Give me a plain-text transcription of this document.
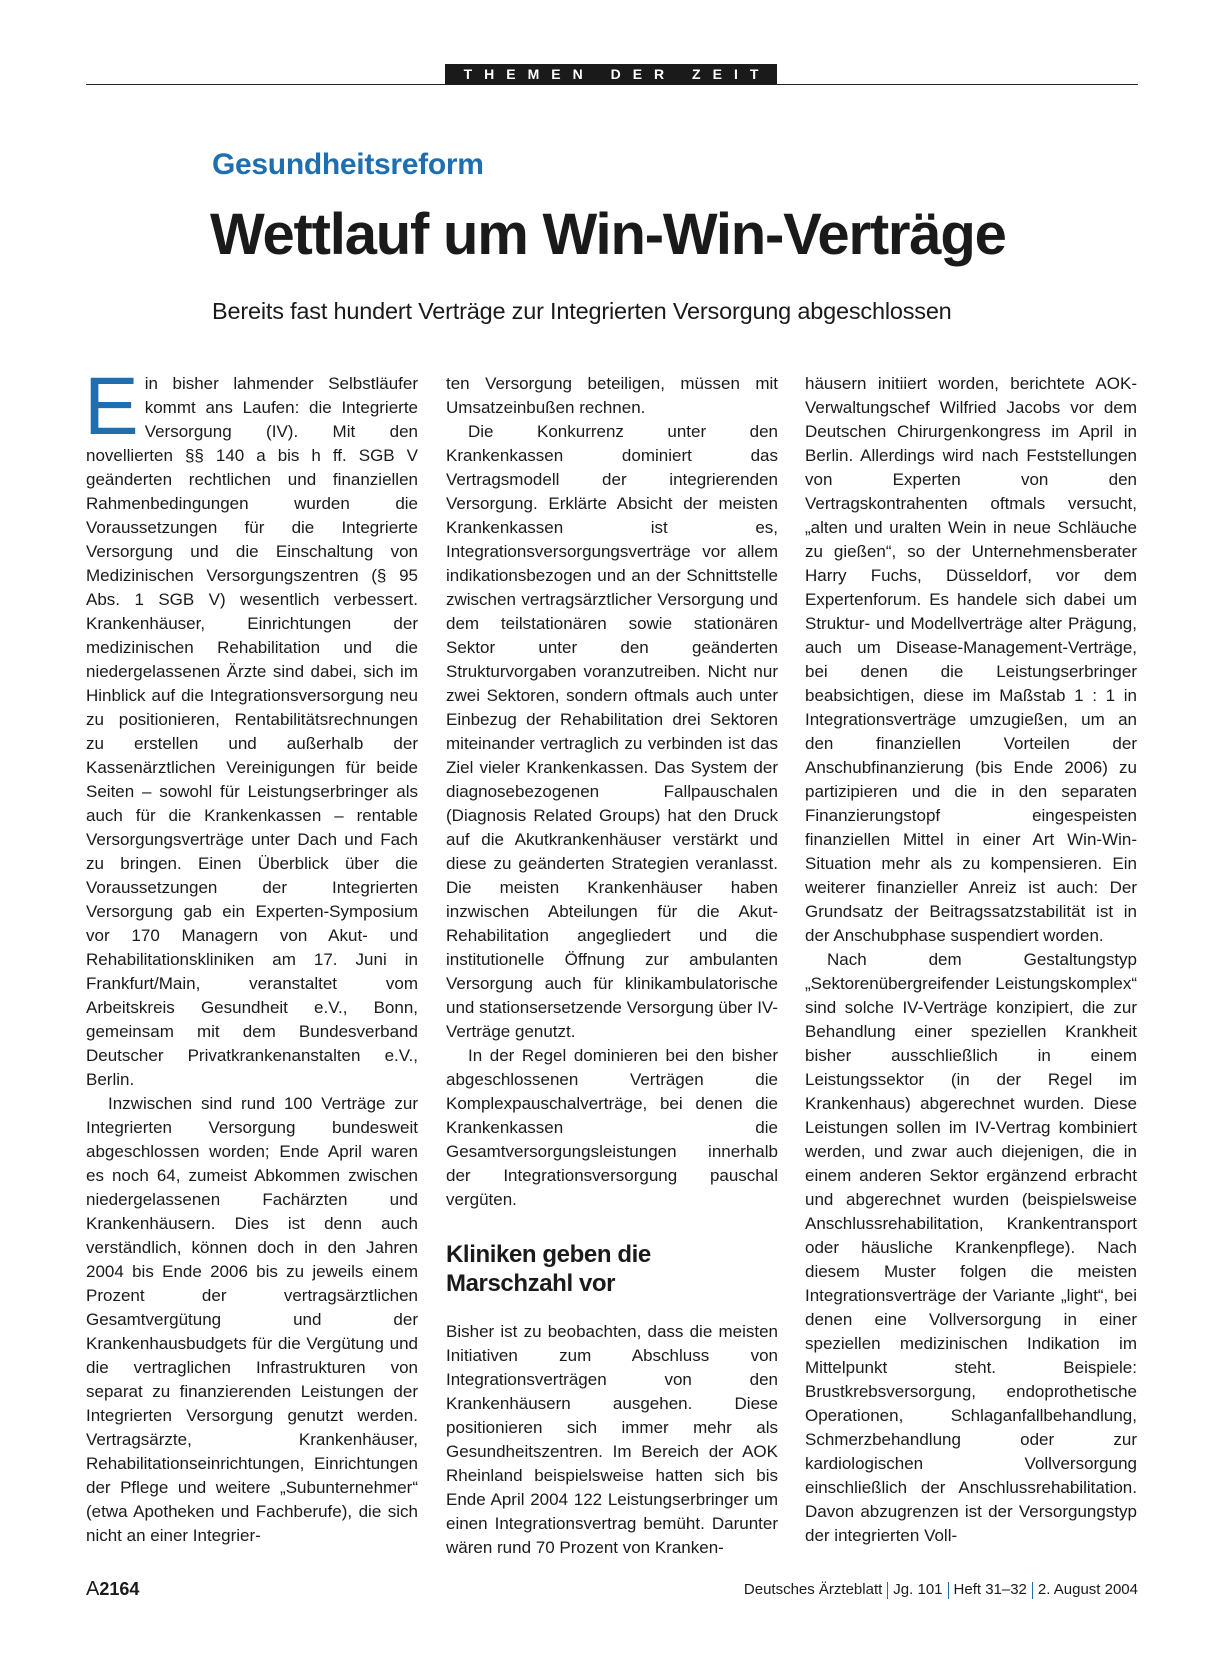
THEMEN DER ZEIT
Gesundheitsreform
Wettlauf um Win-Win-Verträge
Bereits fast hundert Verträge zur Integrierten Versorgung abgeschlossen

Ein bisher lahmender Selbstläufer kommt ans Laufen: die Integrierte Versorgung (IV). Mit den novellierten §§ 140 a bis h ff. SGB V geänderten rechtlichen und finanziellen Rahmenbedingungen wurden die Voraussetzungen für die Integrierte Versorgung und die Einschaltung von Medizinischen Versorgungszentren (§ 95 Abs. 1 SGB V) wesentlich verbessert. Krankenhäuser, Einrichtungen der medizinischen Rehabilitation und die niedergelassenen Ärzte sind dabei, sich im Hinblick auf die Integrationsversorgung neu zu positionieren, Rentabilitätsrechnungen zu erstellen und außerhalb der Kassenärztlichen Vereinigungen für beide Seiten – sowohl für Leistungserbringer als auch für die Krankenkassen – rentable Versorgungsverträge unter Dach und Fach zu bringen. Einen Überblick über die Voraussetzungen der Integrierten Versorgung gab ein Experten-Symposium vor 170 Managern von Akut- und Rehabilitationskliniken am 17. Juni in Frankfurt/Main, veranstaltet vom Arbeitskreis Gesundheit e.V., Bonn, gemeinsam mit dem Bundesverband Deutscher Privatkrankenanstalten e.V., Berlin.

Inzwischen sind rund 100 Verträge zur Integrierten Versorgung bundesweit abgeschlossen worden; Ende April waren es noch 64, zumeist Abkommen zwischen niedergelassenen Fachärzten und Krankenhäusern. Dies ist denn auch verständlich, können doch in den Jahren 2004 bis Ende 2006 bis zu jeweils einem Prozent der vertragsärztlichen Gesamtvergütung und der Krankenhausbudgets für die Vergütung und die vertraglichen Infrastrukturen von separat zu finanzierenden Leistungen der Integrierten Versorgung genutzt werden. Vertragsärzte, Krankenhäuser, Rehabilitationseinrichtungen, Einrichtungen der Pflege und weitere „Subunternehmer“ (etwa Apotheken und Fachberufe), die sich nicht an einer Integrier-

ten Versorgung beteiligen, müssen mit Umsatzeinbußen rechnen.

Die Konkurrenz unter den Krankenkassen dominiert das Vertragsmodell der integrierenden Versorgung. Erklärte Absicht der meisten Krankenkassen ist es, Integrationsversorgungsverträge vor allem indikationsbezogen und an der Schnittstelle zwischen vertragsärztlicher Versorgung und dem teilstationären sowie stationären Sektor unter den geänderten Strukturvorgaben voranzutreiben. Nicht nur zwei Sektoren, sondern oftmals auch unter Einbezug der Rehabilitation drei Sektoren miteinander vertraglich zu verbinden ist das Ziel vieler Krankenkassen. Das System der diagnosebezogenen Fallpauschalen (Diagnosis Related Groups) hat den Druck auf die Akutkrankenhäuser verstärkt und diese zu geänderten Strategien veranlasst. Die meisten Krankenhäuser haben inzwischen Abteilungen für die Akut-Rehabilitation angegliedert und die institutionelle Öffnung zur ambulanten Versorgung auch für klinikambulatorische und stationsersetzende Versorgung über IV-Verträge genutzt.

In der Regel dominieren bei den bisher abgeschlossenen Verträgen die Komplexpauschalverträge, bei denen die Krankenkassen die Gesamtversorgungsleistungen innerhalb der Integrationsversorgung pauschal vergüten.

Kliniken geben die Marschzahl vor

Bisher ist zu beobachten, dass die meisten Initiativen zum Abschluss von Integrationsverträgen von den Krankenhäusern ausgehen. Diese positionieren sich immer mehr als Gesundheitszentren. Im Bereich der AOK Rheinland beispielsweise hatten sich bis Ende April 2004 122 Leistungserbringer um einen Integrationsvertrag bemüht. Darunter wären rund 70 Prozent von Kranken-

häusern initiiert worden, berichtete AOK-Verwaltungschef Wilfried Jacobs vor dem Deutschen Chirurgenkongress im April in Berlin. Allerdings wird nach Feststellungen von Experten von den Vertragskontrahenten oftmals versucht, „alten und uralten Wein in neue Schläuche zu gießen“, so der Unternehmensberater Harry Fuchs, Düsseldorf, vor dem Expertenforum. Es handele sich dabei um Struktur- und Modellverträge alter Prägung, auch um Disease-Management-Verträge, bei denen die Leistungserbringer beabsichtigen, diese im Maßstab 1 : 1 in Integrationsverträge umzugießen, um an den finanziellen Vorteilen der Anschubfinanzierung (bis Ende 2006) zu partizipieren und die in den separaten Finanzierungstopf eingespeisten finanziellen Mittel in einer Art Win-Win-Situation mehr als zu kompensieren. Ein weiterer finanzieller Anreiz ist auch: Der Grundsatz der Beitragssatzstabilität ist in der Anschubphase suspendiert worden.

Nach dem Gestaltungstyp „Sektorenübergreifender Leistungskomplex“ sind solche IV-Verträge konzipiert, die zur Behandlung einer speziellen Krankheit bisher ausschließlich in einem Leistungssektor (in der Regel im Krankenhaus) abgerechnet wurden. Diese Leistungen sollen im IV-Vertrag kombiniert werden, und zwar auch diejenigen, die in einem anderen Sektor ergänzend erbracht und abgerechnet wurden (beispielsweise Anschlussrehabilitation, Krankentransport oder häusliche Krankenpflege). Nach diesem Muster folgen die meisten Integrationsverträge der Variante „light“, bei denen eine Vollversorgung in einer speziellen medizinischen Indikation im Mittelpunkt steht. Beispiele: Brustkrebsversorgung, endoprothetische Operationen, Schlaganfallbehandlung, Schmerzbehandlung oder zur kardiologischen Vollversorgung einschließlich der Anschlussrehabilitation. Davon abzugrenzen ist der Versorgungstyp der integrierten Voll-

A2164	Deutsches Ärzteblatt Jg. 101 Heft 31–32 2. August 2004
